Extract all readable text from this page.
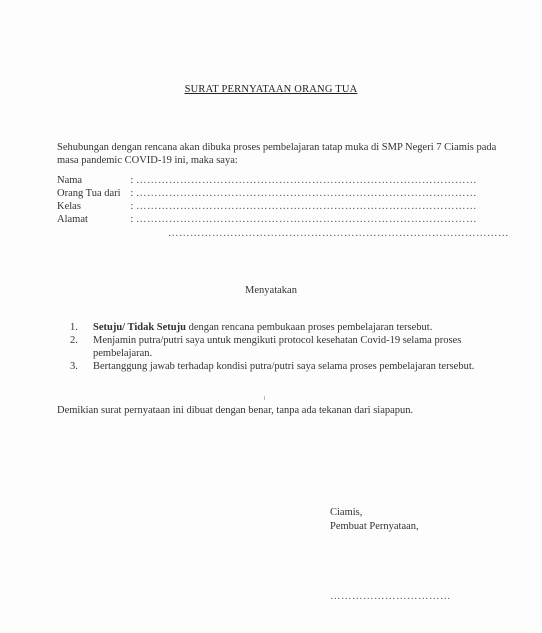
SURAT PERNYATAAN ORANG TUA
Sehubungan dengan rencana akan dibuka proses pembelajaran tatap muka di SMP Negeri 7 Ciamis pada masa pandemic COVID-19 ini, maka saya:
Nama	: …………………………………………………………………………………
Orang Tua dari : …………………………………………………………………………………
Kelas	: …………………………………………………………………………………
Alamat	: …………………………………………………………………………………
…………………………………………………………………………………
Menyatakan
1.	Setuju/ Tidak Setuju dengan rencana pembukaan proses pembelajaran tersebut.
2.	Menjamin putra/putri saya untuk mengikuti protocol kesehatan Covid-19 selama proses pembelajaran.
3.	Bertanggung jawab terhadap kondisi putra/putri saya selama proses pembelajaran tersebut.
Demikian surat pernyataan ini dibuat dengan benar, tanpa ada tekanan dari siapapun.
Ciamis,
Pembuat Pernyataan,
……………………………
